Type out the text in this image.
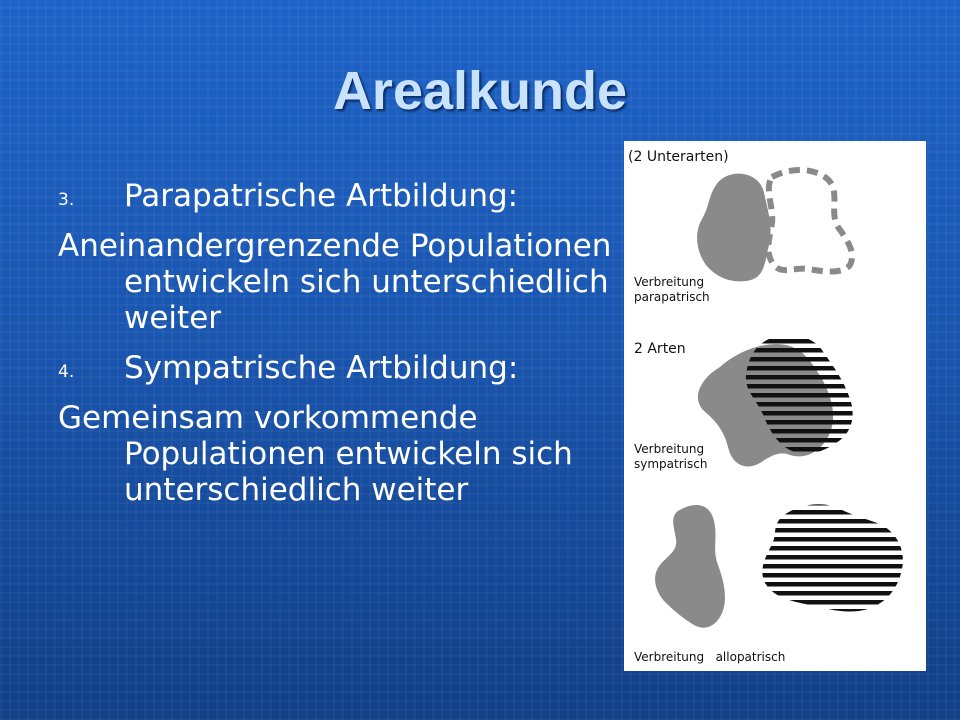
Arealkunde
3.	Parapatrische Artbildung:
Aneinandergrenzende Populationen entwickeln sich unterschiedlich weiter
4.	Sympatrische Artbildung:
Gemeinsam vorkommende Populationen entwickeln sich unterschiedlich weiter
(2 Unterarten)
Verbreitung
parapatrisch
2 Arten
Verbreitung
sympatrisch
Verbreitung   allopatrisch
